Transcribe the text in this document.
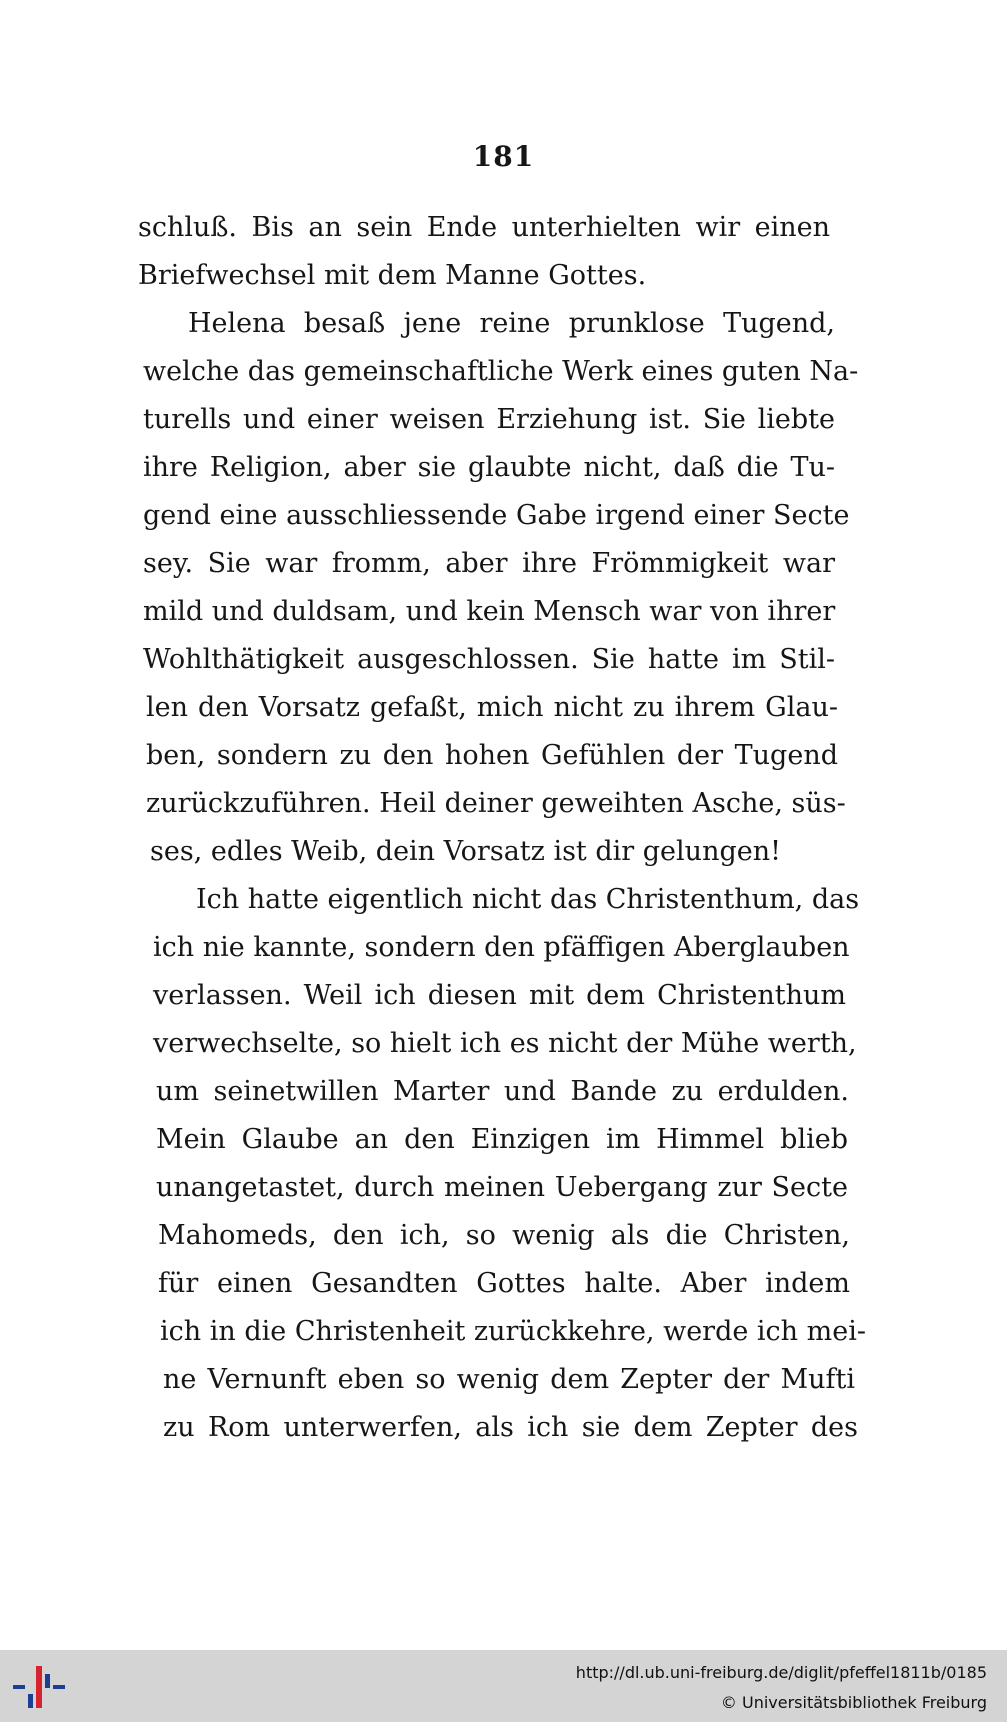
181
schluß. Bis an sein Ende unterhielten wir einen
Briefwechsel mit dem Manne Gottes.
Helena besaß jene reine prunklose Tugend,
welche das gemeinschaftliche Werk eines guten Na-
turells und einer weisen Erziehung ist. Sie liebte
ihre Religion, aber sie glaubte nicht, daß die Tu-
gend eine ausschliessende Gabe irgend einer Secte
sey. Sie war fromm, aber ihre Frömmigkeit war
mild und duldsam, und kein Mensch war von ihrer
Wohlthätigkeit ausgeschlossen. Sie hatte im Stil-
len den Vorsatz gefaßt, mich nicht zu ihrem Glau-
ben, sondern zu den hohen Gefühlen der Tugend
zurückzuführen. Heil deiner geweihten Asche, süs-
ses, edles Weib, dein Vorsatz ist dir gelungen!
Ich hatte eigentlich nicht das Christenthum, das
ich nie kannte, sondern den pfäffigen Aberglauben
verlassen. Weil ich diesen mit dem Christenthum
verwechselte, so hielt ich es nicht der Mühe werth,
um seinetwillen Marter und Bande zu erdulden.
Mein Glaube an den Einzigen im Himmel blieb
unangetastet, durch meinen Uebergang zur Secte
Mahomeds, den ich, so wenig als die Christen,
für einen Gesandten Gottes halte. Aber indem
ich in die Christenheit zurückkehre, werde ich mei-
ne Vernunft eben so wenig dem Zepter der Mufti
zu Rom unterwerfen, als ich sie dem Zepter des
http://dl.ub.uni-freiburg.de/diglit/pfeffel1811b/0185
© Universitätsbibliothek Freiburg
